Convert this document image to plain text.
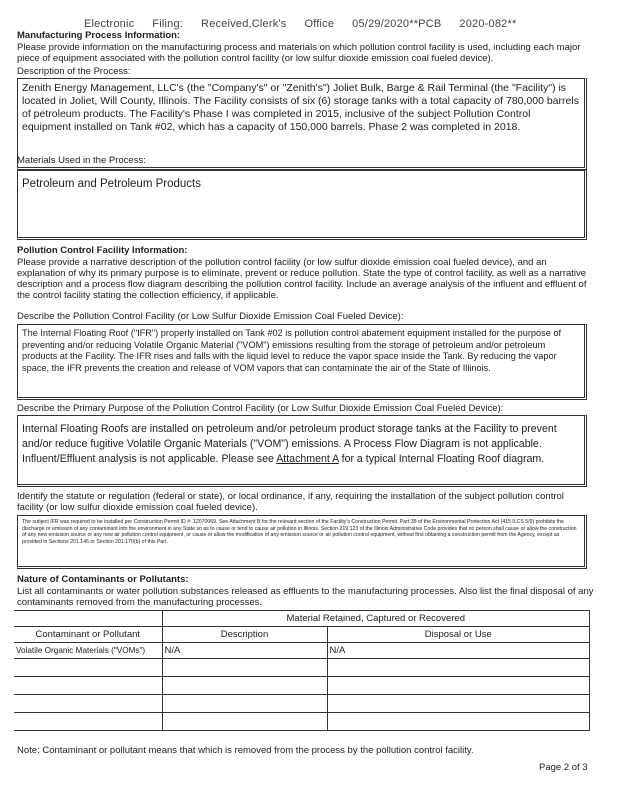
Electronic Filing: Received,Clerk's Office 05/29/2020**PCB 2020-082**
Manufacturing Process Information:
Please provide information on the manufacturing process and materials on which pollution control facility is used, including each major piece of equipment associated with the pollution control facility (or low sulfur dioxide emission coal fueled device).
Description of the Process:
Zenith Energy Management, LLC's (the "Company's" or "Zenith's") Joliet Bulk, Barge & Rail Terminal (the "Facility") is located in Joliet, Will County, Illinois. The Facility consists of six (6) storage tanks with a total capacity of 780,000 barrels of petroleum products. The Facility's Phase I was completed in 2015, inclusive of the subject Pollution Control equipment installed on Tank #02, which has a capacity of 150,000 barrels. Phase 2 was completed in 2018.
Materials Used in the Process:
Petroleum and Petroleum Products
Pollution Control Facility Information:
Please provide a narrative description of the pollution control facility (or low sulfur dioxide emission coal fueled device), and an explanation of why its primary purpose is to eliminate, prevent or reduce pollution. State the type of control facility, as well as a narrative description and a process flow diagram describing the pollution control facility. Include an average analysis of the influent and effluent of the control facility stating the collection efficiency, if applicable.
Describe the Pollution Control Facility (or Low Sulfur Dioxide Emission Coal Fueled Device):
The Internal Floating Roof ("IFR") properly installed on Tank #02 is pollution control abatement equipment installed for the purpose of preventing and/or reducing Volatile Organic Material ("VOM") emissions resulting from the storage of petroleum and/or petroleum products at the Facility. The IFR rises and falls with the liquid level to reduce the vapor space inside the Tank. By reducing the vapor space, the IFR prevents the creation and release of VOM vapors that can contaminate the air of the State of Illinois.
Describe the Primary Purpose of the Pollution Control Facility (or Low Sulfur Dioxide Emission Coal Fueled Device):
Internal Floating Roofs are installed on petroleum and/or petroleum product storage tanks at the Facility to prevent and/or reduce fugitive Volatile Organic Materials ("VOM") emissions. A Process Flow Diagram is not applicable. Influent/Effluent analysis is not applicable. Please see Attachment A for a typical Internal Floating Roof diagram.
Identify the statute or regulation (federal or state), or local ordinance, if any, requiring the installation of the subject pollution control facility (or low sulfur dioxide emission coal fueled device).
The subject IFR was required to be installed per Construction Permit ID #: 12070069. See Attachment B for the relevant section of the Facility's Construction Permit. Part 35 of the Environmental Protection Act (415 ILCS 5/9) prohibits the discharge or emission of any contaminant into the environment in any State so as to cause or tend to cause air pollution in Illinois. Section 219.123 of the Illinois Administrative Code provides that no person shall cause or allow the construction of any new emission source or any new air pollution control equipment, or cause or allow the modification of any emission source or air pollution control equipment, without first obtaining a construction permit from the Agency, except as provided in Sections 201.146 or Section 201.170(b) of this Part.
Nature of Contaminants or Pollutants:
List all contaminants or water pollution substances released as effluents to the manufacturing processes. Also list the final disposal of any contaminants removed from the manufacturing processes.
	Material Retained, Captured or Recovered	
Contaminant or Pollutant	Description	Disposal or Use
Volatile Organic Materials ("VOMs")	N/A	N/A

Note: Contaminant or pollutant means that which is removed from the process by the pollution control facility.
Page 2 of 3
